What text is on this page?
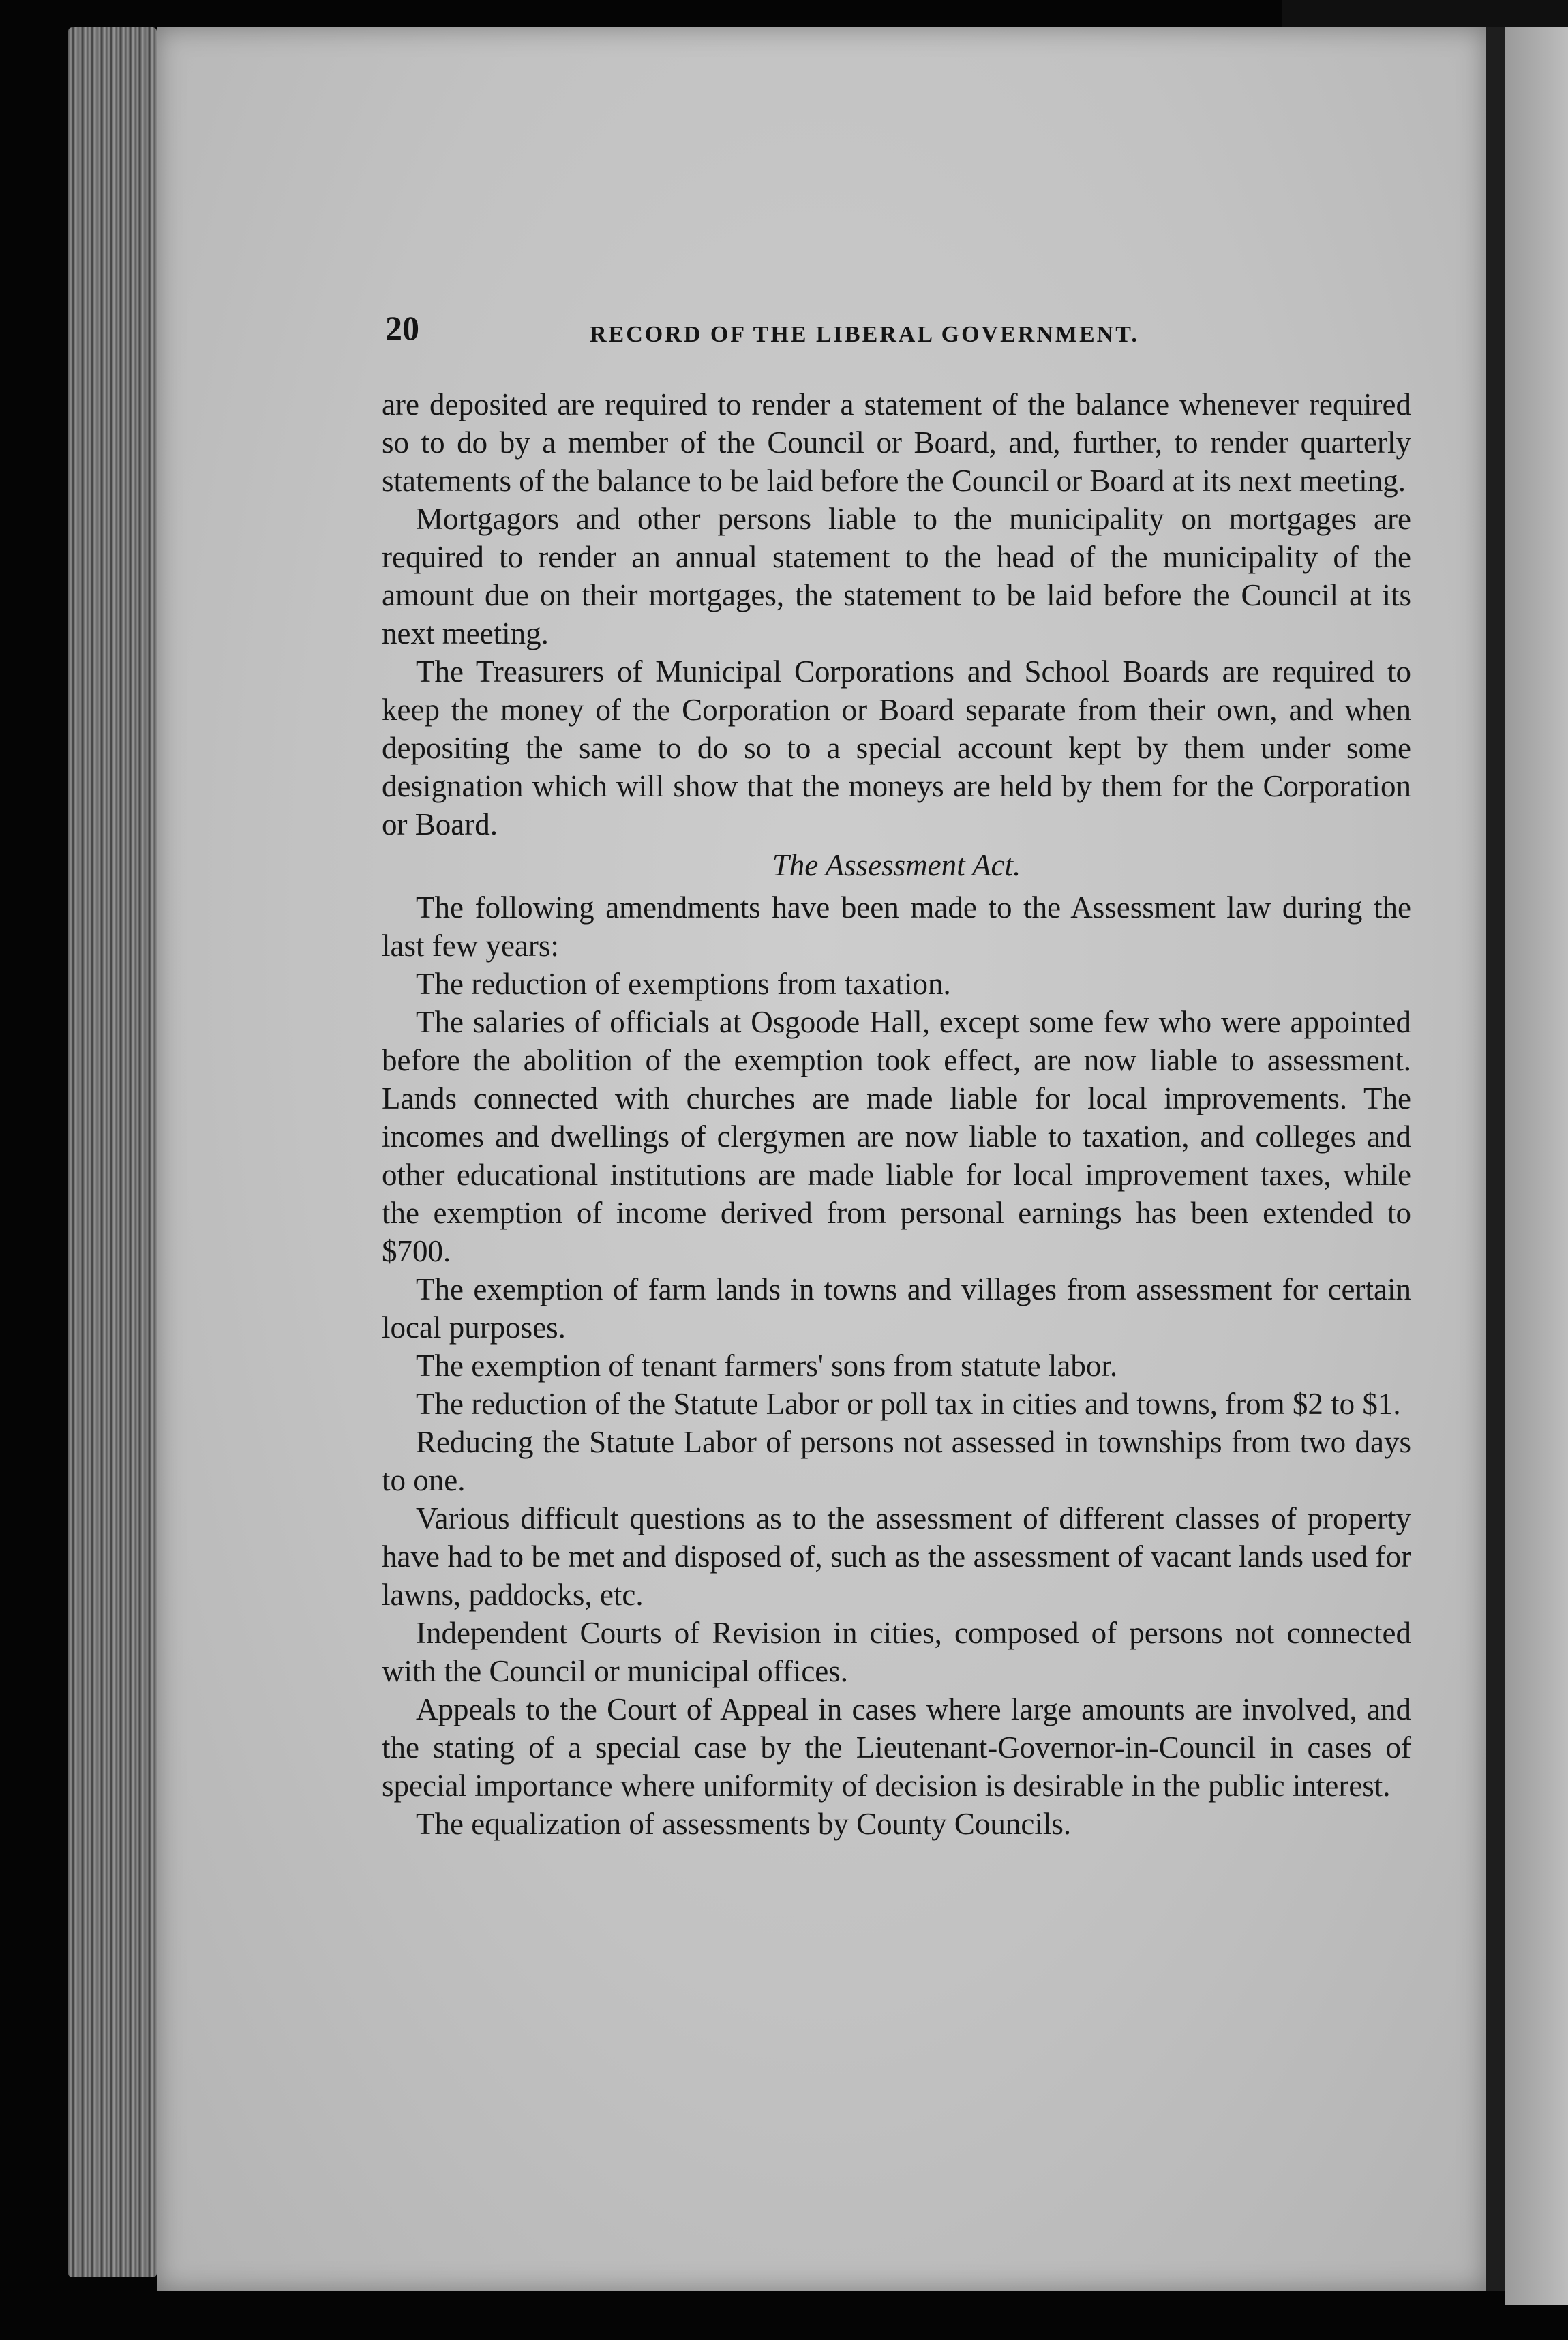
20	RECORD OF THE LIBERAL GOVERNMENT.

are deposited are required to render a statement of the balance whenever required so to do by a member of the Council or Board, and, further, to render quarterly statements of the balance to be laid before the Council or Board at its next meeting.

Mortgagors and other persons liable to the municipality on mortgages are required to render an annual statement to the head of the municipality of the amount due on their mortgages, the statement to be laid before the Council at its next meeting.

The Treasurers of Municipal Corporations and School Boards are required to keep the money of the Corporation or Board separate from their own, and when depositing the same to do so to a special account kept by them under some designation which will show that the moneys are held by them for the Corporation or Board.

The Assessment Act.

The following amendments have been made to the Assessment law during the last few years:

The reduction of exemptions from taxation.

The salaries of officials at Osgoode Hall, except some few who were appointed before the abolition of the exemption took effect, are now liable to assessment. Lands connected with churches are made liable for local improvements. The incomes and dwellings of clergymen are now liable to taxation, and colleges and other educational institutions are made liable for local improvement taxes, while the exemption of income derived from personal earnings has been extended to $700.

The exemption of farm lands in towns and villages from assessment for certain local purposes.

The exemption of tenant farmers' sons from statute labor.

The reduction of the Statute Labor or poll tax in cities and towns, from $2 to $1.

Reducing the Statute Labor of persons not assessed in townships from two days to one.

Various difficult questions as to the assessment of different classes of property have had to be met and disposed of, such as the assessment of vacant lands used for lawns, paddocks, etc.

Independent Courts of Revision in cities, composed of persons not connected with the Council or municipal offices.

Appeals to the Court of Appeal in cases where large amounts are involved, and the stating of a special case by the Lieutenant-Governor-in-Council in cases of special importance where uniformity of decision is desirable in the public interest.

The equalization of assessments by County Councils.
